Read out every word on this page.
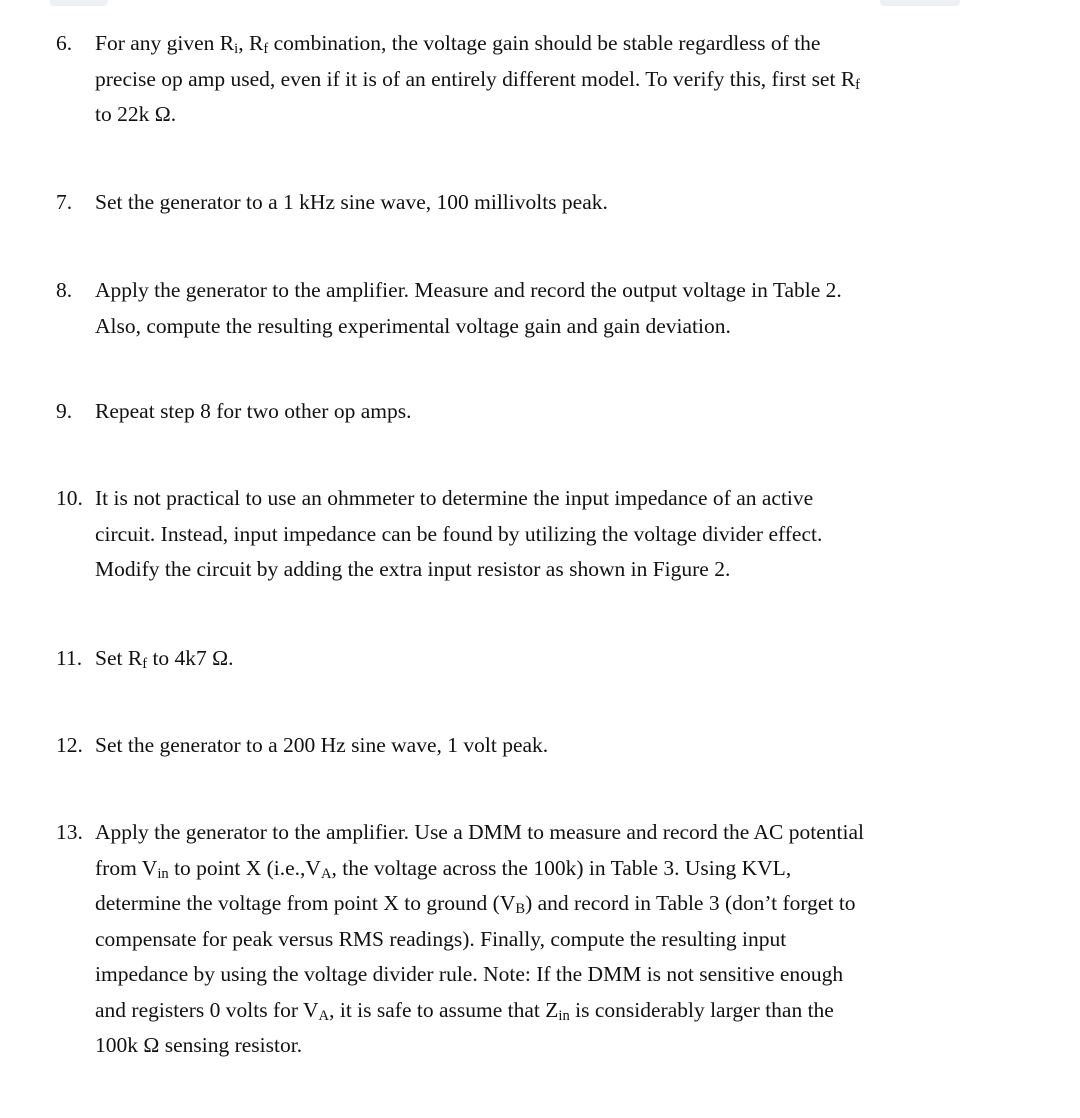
6. For any given $R_i$, $R_f$ combination, the voltage gain should be stable regardless of the
precise op amp used, even if it is of an entirely different model. To verify this, first set $R_f$
to 22k Ω.
7. Set the generator to a 1 kHz sine wave, 100 millivolts peak.
8. Apply the generator to the amplifier. Measure and record the output voltage in Table 2.
Also, compute the resulting experimental voltage gain and gain deviation.
9. Repeat step 8 for two other op amps.
10. It is not practical to use an ohmmeter to determine the input impedance of an active
circuit. Instead, input impedance can be found by utilizing the voltage divider effect.
Modify the circuit by adding the extra input resistor as shown in Figure 2.
11. Set $R_f$ to 4k7 Ω.
12. Set the generator to a 200 Hz sine wave, 1 volt peak.
13. Apply the generator to the amplifier. Use a DMM to measure and record the AC potential
from $V_{in}$ to point X ($i.e.,V_A$, the voltage across the 100k) in Table 3. Using KVL,
determine the voltage from point X to ground $(V_B)$ and record in Table 3 (don’t forget to
compensate for peak versus RMS readings). Finally, compute the resulting input
impedance by using the voltage divider rule. Note: If the DMM is not sensitive enough
and registers 0 volts for $V_A$, it is safe to assume that $Z_{in}$ is considerably larger than the
100k Ω sensing resistor.
